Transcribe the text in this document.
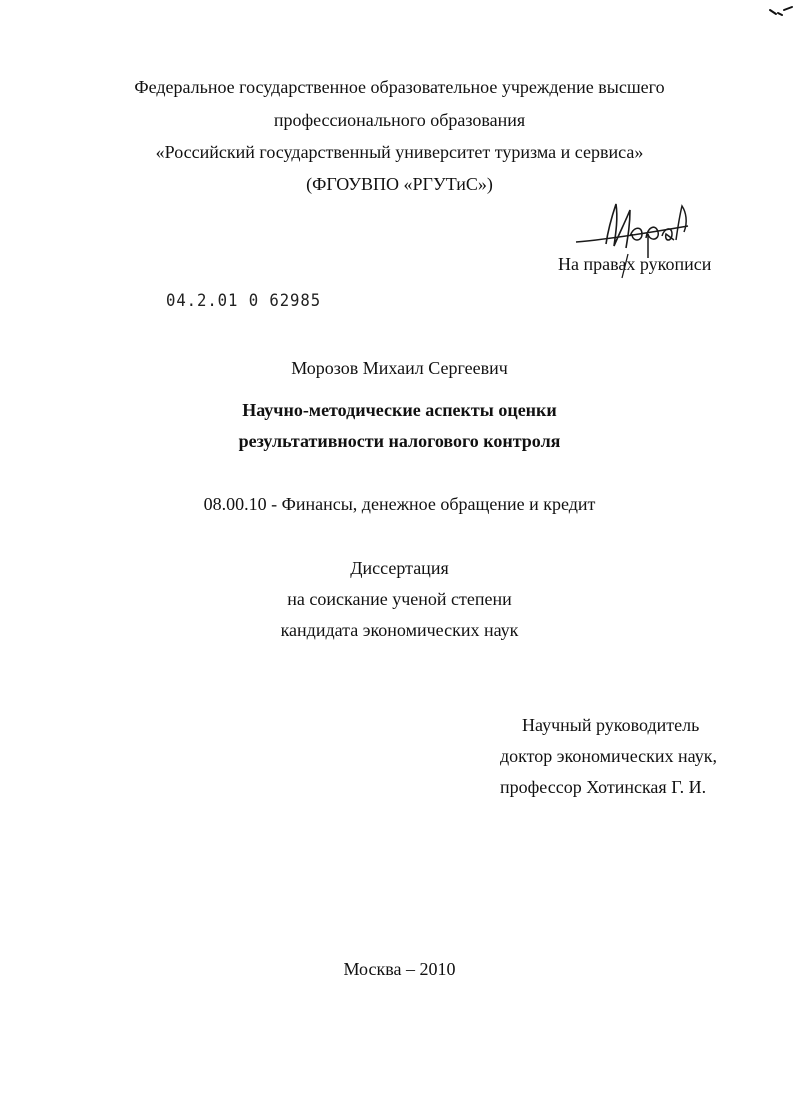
Федеральное государственное образовательное учреждение высшего
профессионального образования
«Российский государственный университет туризма и сервиса»
(ФГОУВПО «РГУТиС»)
На правах рукописи
04.2.01 0 62985
Морозов Михаил Сергеевич
Научно-методические аспекты оценки
результативности налогового контроля
08.00.10 - Финансы, денежное обращение и кредит
Диссертация
на соискание ученой степени
кандидата экономических наук
Научный руководитель
доктор экономических наук,
профессор Хотинская Г. И.
Москва – 2010
